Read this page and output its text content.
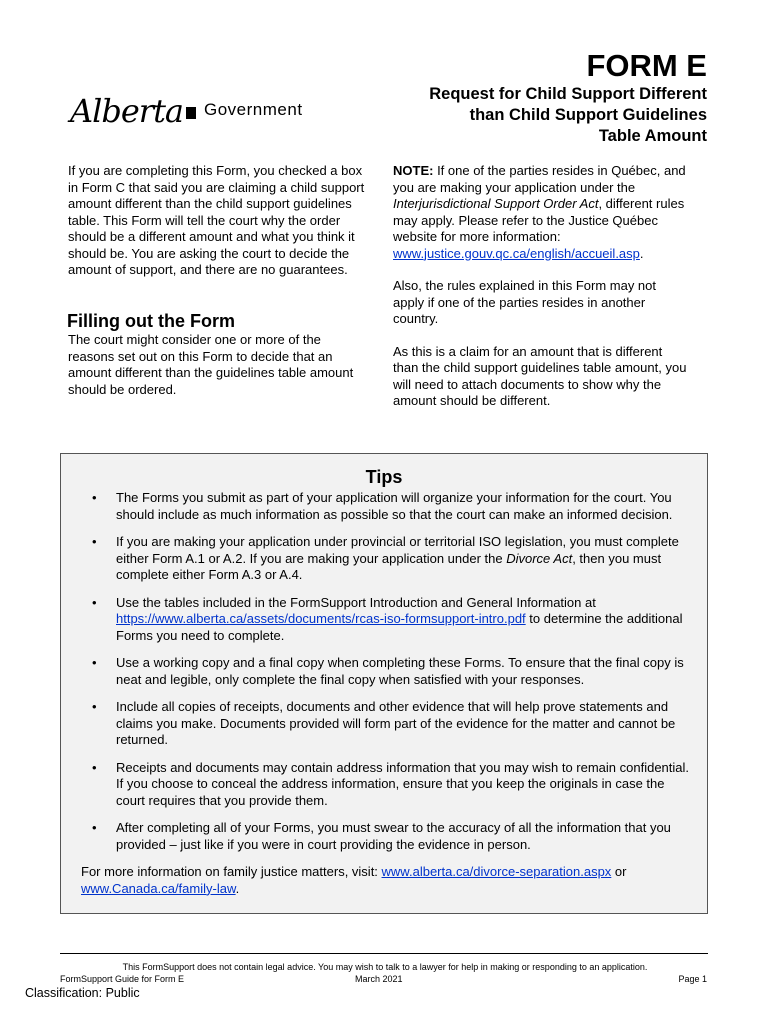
FORM E
Request for Child Support Different
than Child Support Guidelines
Table Amount
Alberta Government
If you are completing this Form, you checked a box in Form C that said you are claiming a child support amount different than the child support guidelines table. This Form will tell the court why the order should be a different amount and what you think it should be. You are asking the court to decide the amount of support, and there are no guarantees.
Filling out the Form
The court might consider one or more of the reasons set out on this Form to decide that an amount different than the guidelines table amount should be ordered.

NOTE: If one of the parties resides in Québec, and you are making your application under the Interjurisdictional Support Order Act, different rules may apply. Please refer to the Justice Québec website for more information: www.justice.gouv.qc.ca/english/accueil.asp.

Also, the rules explained in this Form may not apply if one of the parties resides in another country.

As this is a claim for an amount that is different than the child support guidelines table amount, you will need to attach documents to show why the amount should be different.

Tips
• The Forms you submit as part of your application will organize your information for the court. You should include as much information as possible so that the court can make an informed decision.
• If you are making your application under provincial or territorial ISO legislation, you must complete either Form A.1 or A.2. If you are making your application under the Divorce Act, then you must complete either Form A.3 or A.4.
• Use the tables included in the FormSupport Introduction and General Information at https://www.alberta.ca/assets/documents/rcas-iso-formsupport-intro.pdf to determine the additional Forms you need to complete.
• Use a working copy and a final copy when completing these Forms. To ensure that the final copy is neat and legible, only complete the final copy when satisfied with your responses.
• Include all copies of receipts, documents and other evidence that will help prove statements and claims you make. Documents provided will form part of the evidence for the matter and cannot be returned.
• Receipts and documents may contain address information that you may wish to remain confidential. If you choose to conceal the address information, ensure that you keep the originals in case the court requires that you provide them.
• After completing all of your Forms, you must swear to the accuracy of all the information that you provided – just like if you were in court providing the evidence in person.
For more information on family justice matters, visit: www.alberta.ca/divorce-separation.aspx or www.Canada.ca/family-law.
This FormSupport does not contain legal advice. You may wish to talk to a lawyer for help in making or responding to an application.
FormSupport Guide for Form E	March 2021	Page 1
Classification: Public
